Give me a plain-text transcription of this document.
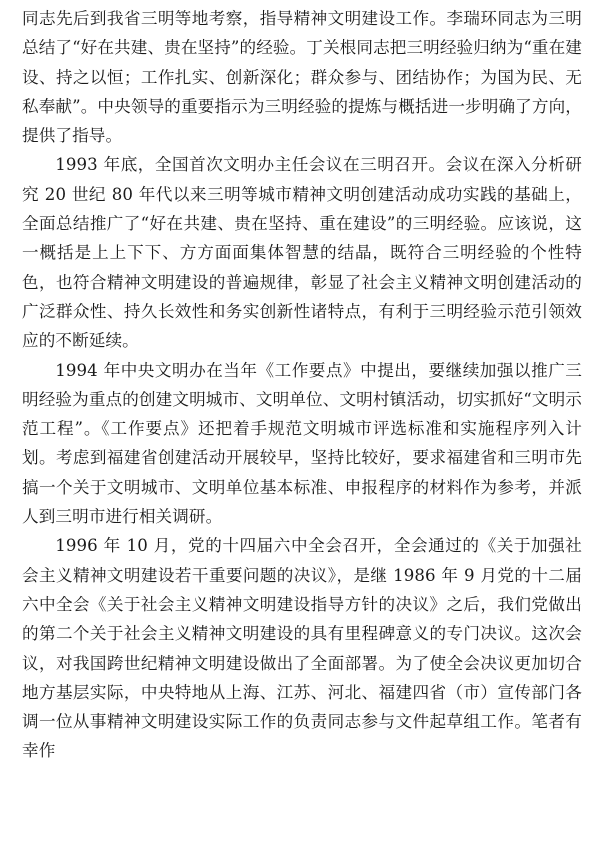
同志先后到我省三明等地考察，指导精神文明建设工作。李瑞环同志为三明总结了“好在共建、贵在坚持”的经验。丁关根同志把三明经验归纳为“重在建设、持之以恒；工作扎实、创新深化；群众参与、团结协作；为国为民、无私奉献”。中央领导的重要指示为三明经验的提炼与概括进一步明确了方向，提供了指导。

1993 年底，全国首次文明办主任会议在三明召开。会议在深入分析研究 20 世纪 80 年代以来三明等城市精神文明创建活动成功实践的基础上，全面总结推广了“好在共建、贵在坚持、重在建设”的三明经验。应该说，这一概括是上上下下、方方面面集体智慧的结晶，既符合三明经验的个性特色，也符合精神文明建设的普遍规律，彰显了社会主义精神文明创建活动的广泛群众性、持久长效性和务实创新性诸特点，有利于三明经验示范引领效应的不断延续。

1994 年中央文明办在当年《工作要点》中提出，要继续加强以推广三明经验为重点的创建文明城市、文明单位、文明村镇活动，切实抓好“文明示范工程”。《工作要点》还把着手规范文明城市评选标准和实施程序列入计划。考虑到福建省创建活动开展较早，坚持比较好，要求福建省和三明市先搞一个关于文明城市、文明单位基本标准、申报程序的材料作为参考，并派人到三明市进行相关调研。

1996 年 10 月，党的十四届六中全会召开，全会通过的《关于加强社会主义精神文明建设若干重要问题的决议》，是继 1986 年 9 月党的十二届六中全会《关于社会主义精神文明建设指导方针的决议》之后，我们党做出的第二个关于社会主义精神文明建设的具有里程碑意义的专门决议。这次会议，对我国跨世纪精神文明建设做出了全面部署。为了使全会决议更加切合地方基层实际，中央特地从上海、江苏、河北、福建四省（市）宣传部门各调一位从事精神文明建设实际工作的负责同志参与文件起草组工作。笔者有幸作
